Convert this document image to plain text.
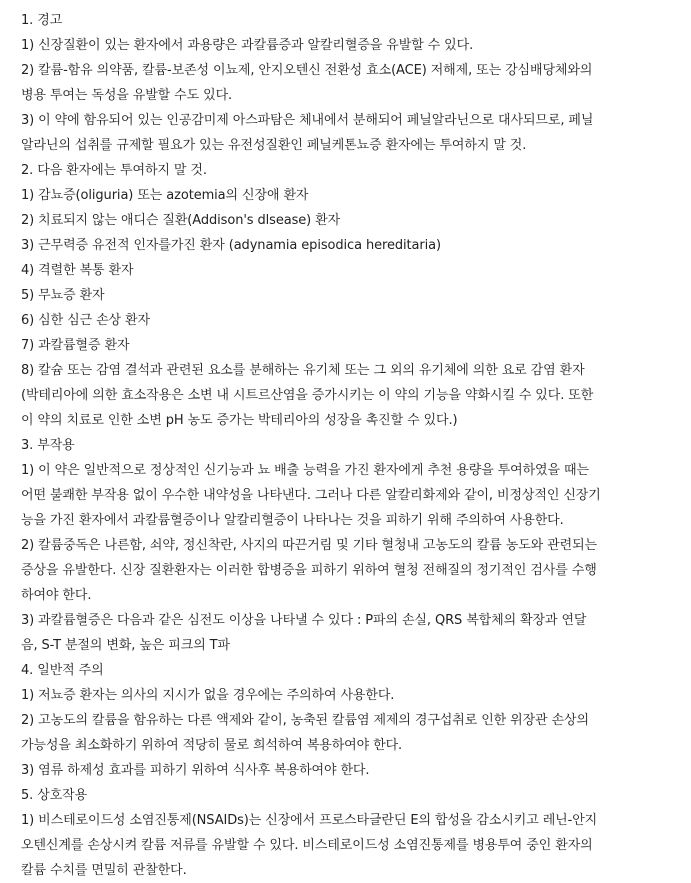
1. 경고
1) 신장질환이 있는 환자에서 과용량은 과칼륨증과 알칼리혈증을 유발할 수 있다.
2) 칼륨-함유 의약품, 칼륨-보존성 이뇨제, 안지오텐신 전환성 효소(ACE) 저해제, 또는 강심배당체와의
병용 투여는 독성을 유발할 수도 있다.
3) 이 약에 함유되어 있는 인공감미제 아스파탐은 체내에서 분해되어 페닐알라닌으로 대사되므로, 페닐
알라닌의 섭취를 규제할 필요가 있는 유전성질환인 페닐케톤뇨증 환자에는 투여하지 말 것.
2. 다음 환자에는 투여하지 말 것.
1) 감뇨증(oliguria) 또는 azotemia의 신장애 환자
2) 치료되지 않는 애디슨 질환(Addison's dlsease) 환자
3) 근무력증 유전적 인자를가진 환자 (adynamia episodica hereditaria)
4) 격렬한 복통 환자
5) 무뇨증 환자
6) 심한 심근 손상 환자
7) 과칼륨혈증 환자
8) 칼슘 또는 감염 결석과 관련된 요소를 분해하는 유기체 또는 그 외의 유기체에 의한 요로 감염 환자
(박테리아에 의한 효소작용은 소변 내 시트르산염을 증가시키는 이 약의 기능을 약화시킬 수 있다. 또한
이 약의 치료로 인한 소변 pH 농도 증가는 박테리아의 성장을 촉진할 수 있다.)
3. 부작용
1) 이 약은 일반적으로 정상적인 신기능과 뇨 배출 능력을 가진 환자에게 추천 용량을 투여하였을 때는
어떤 불쾌한 부작용 없이 우수한 내약성을 나타낸다. 그러나 다른 알칼리화제와 같이, 비정상적인 신장기
능을 가진 환자에서 과칼륨혈증이나 알칼리혈증이 나타나는 것을 피하기 위해 주의하여 사용한다.
2) 칼륨중독은 나른함, 쇠약, 정신착란, 사지의 따끈거림 및 기타 혈청내 고농도의 칼륨 농도와 관련되는
증상을 유발한다. 신장 질환환자는 이러한 합병증을 피하기 위하여 혈청 전해질의 정기적인 검사를 수행
하여야 한다.
3) 과칼륨혈증은 다음과 같은 심전도 이상을 나타낼 수 있다 : P파의 손실, QRS 복합체의 확장과 연달
음, S-T 분절의 변화, 높은 피크의 T파
4. 일반적 주의
1) 저뇨증 환자는 의사의 지시가 없을 경우에는 주의하여 사용한다.
2) 고농도의 칼륨을 함유하는 다른 액제와 같이, 농축된 칼륨염 제제의 경구섭취로 인한 위장관 손상의
가능성을 최소화하기 위하여 적당히 물로 희석하여 복용하여야 한다.
3) 염류 하제성 효과를 피하기 위하여 식사후 복용하여야 한다.
5. 상호작용
1) 비스테로이드성 소염진통제(NSAIDs)는 신장에서 프로스타글란딘 E의 합성을 감소시키고 레닌-안지
오텐신계를 손상시켜 칼륨 저류를 유발할 수 있다. 비스테로이드성 소염진통제를 병용투여 중인 환자의
칼륨 수치를 면밀히 관찰한다.
